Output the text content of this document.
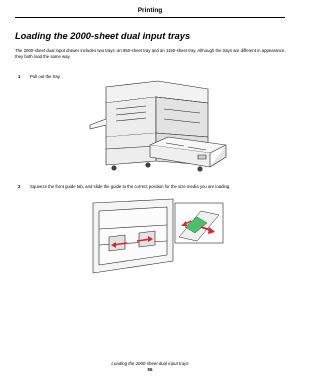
Printing
Loading the 2000-sheet dual input trays

The 2000-sheet dual input drawer includes two trays: an 850-sheet tray and an 1150-sheet tray. Although the trays are different in appearance, they both load the same way.

1 Pull out the tray.
2 Squeeze the front guide tab, and slide the guide to the correct position for the size media you are loading.
Loading the 2000-sheet dual input trays
55
